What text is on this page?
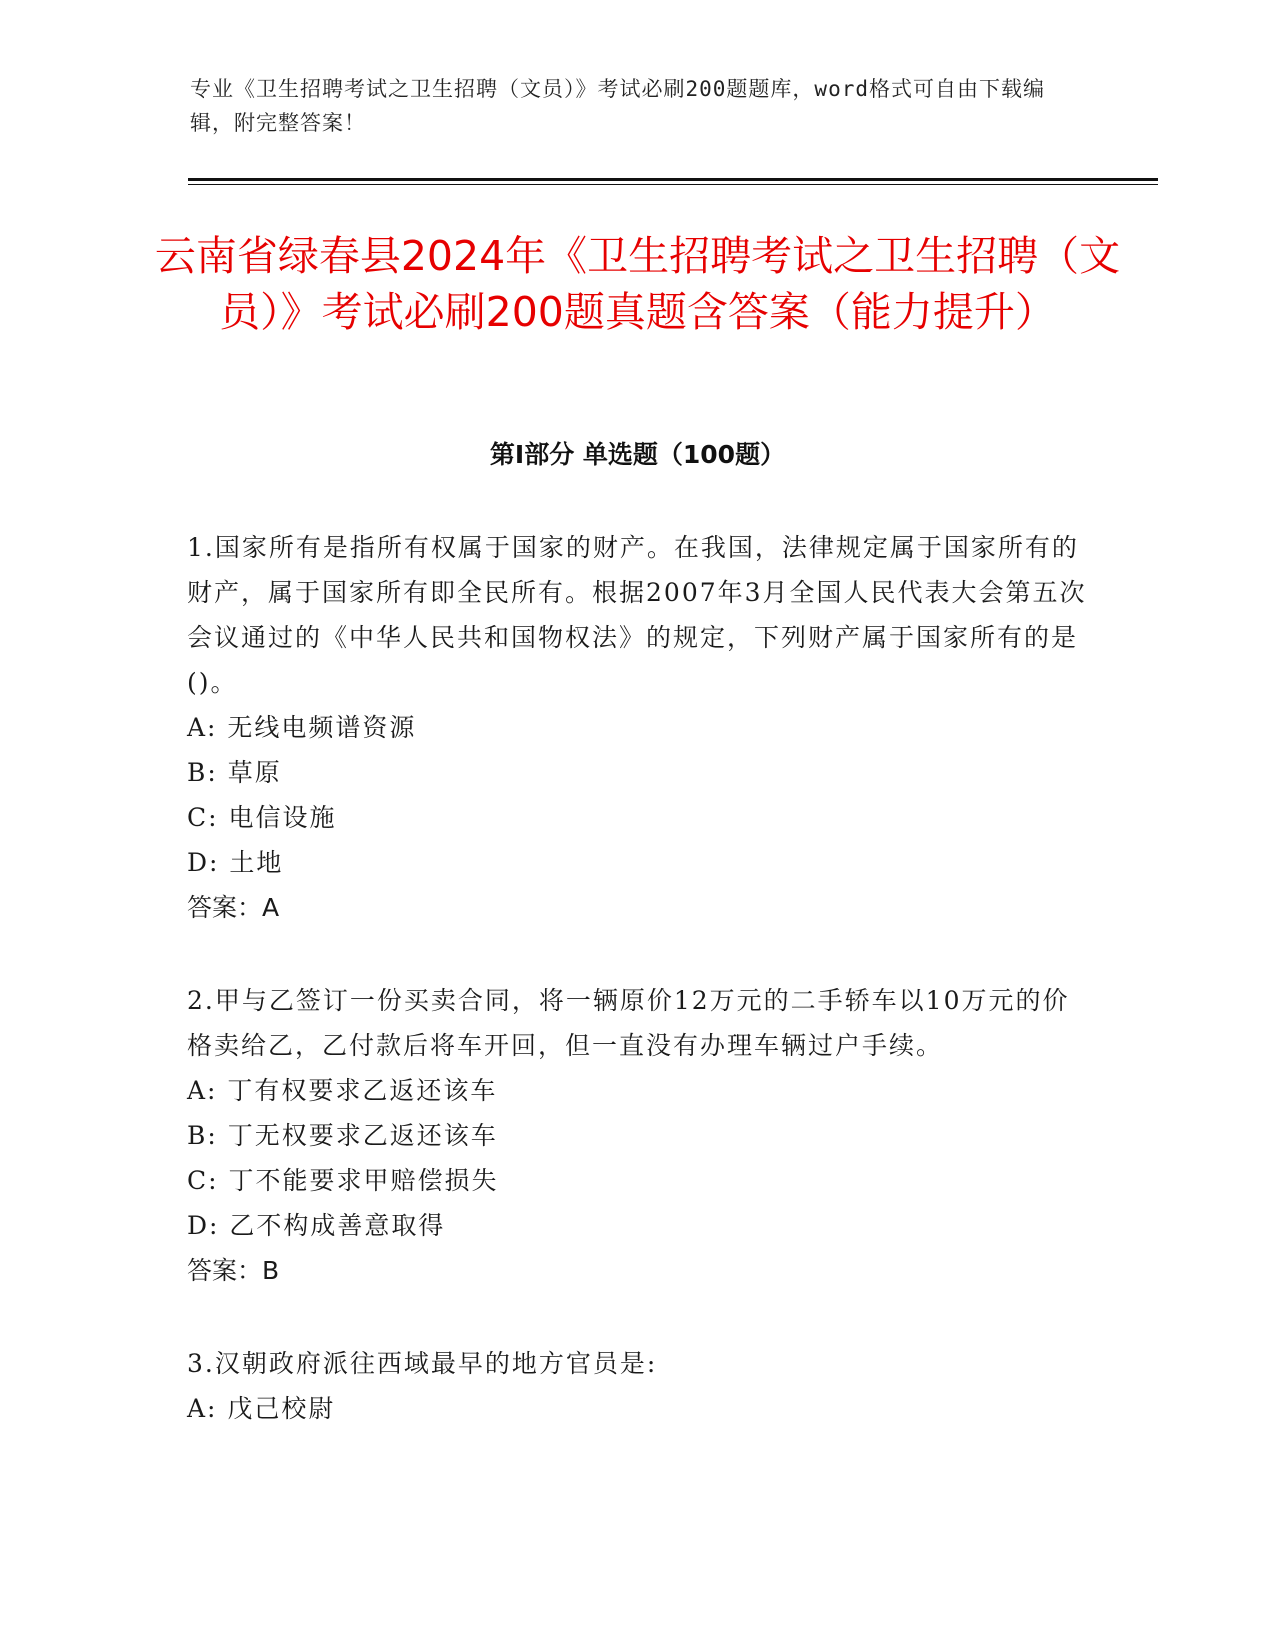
专业《卫生招聘考试之卫生招聘（文员）》考试必刷200题题库，word格式可自由下载编辑，附完整答案！
云南省绿春县2024年《卫生招聘考试之卫生招聘（文员）》考试必刷200题真题含答案（能力提升）
第Ⅰ部分 单选题（100题）

1.国家所有是指所有权属于国家的财产。在我国，法律规定属于国家所有的财产，属于国家所有即全民所有。根据2007年3月全国人民代表大会第五次会议通过的《中华人民共和国物权法》的规定，下列财产属于国家所有的是()。

A: 无线电频谱资源

B: 草原

C: 电信设施

D: 土地

答案：A

2.甲与乙签订一份买卖合同，将一辆原价12万元的二手轿车以10万元的价格卖给乙，乙付款后将车开回，但一直没有办理车辆过户手续。

A: 丁有权要求乙返还该车

B: 丁无权要求乙返还该车

C: 丁不能要求甲赔偿损失

D: 乙不构成善意取得

答案：B

3.汉朝政府派往西域最早的地方官员是:

A: 戊己校尉
